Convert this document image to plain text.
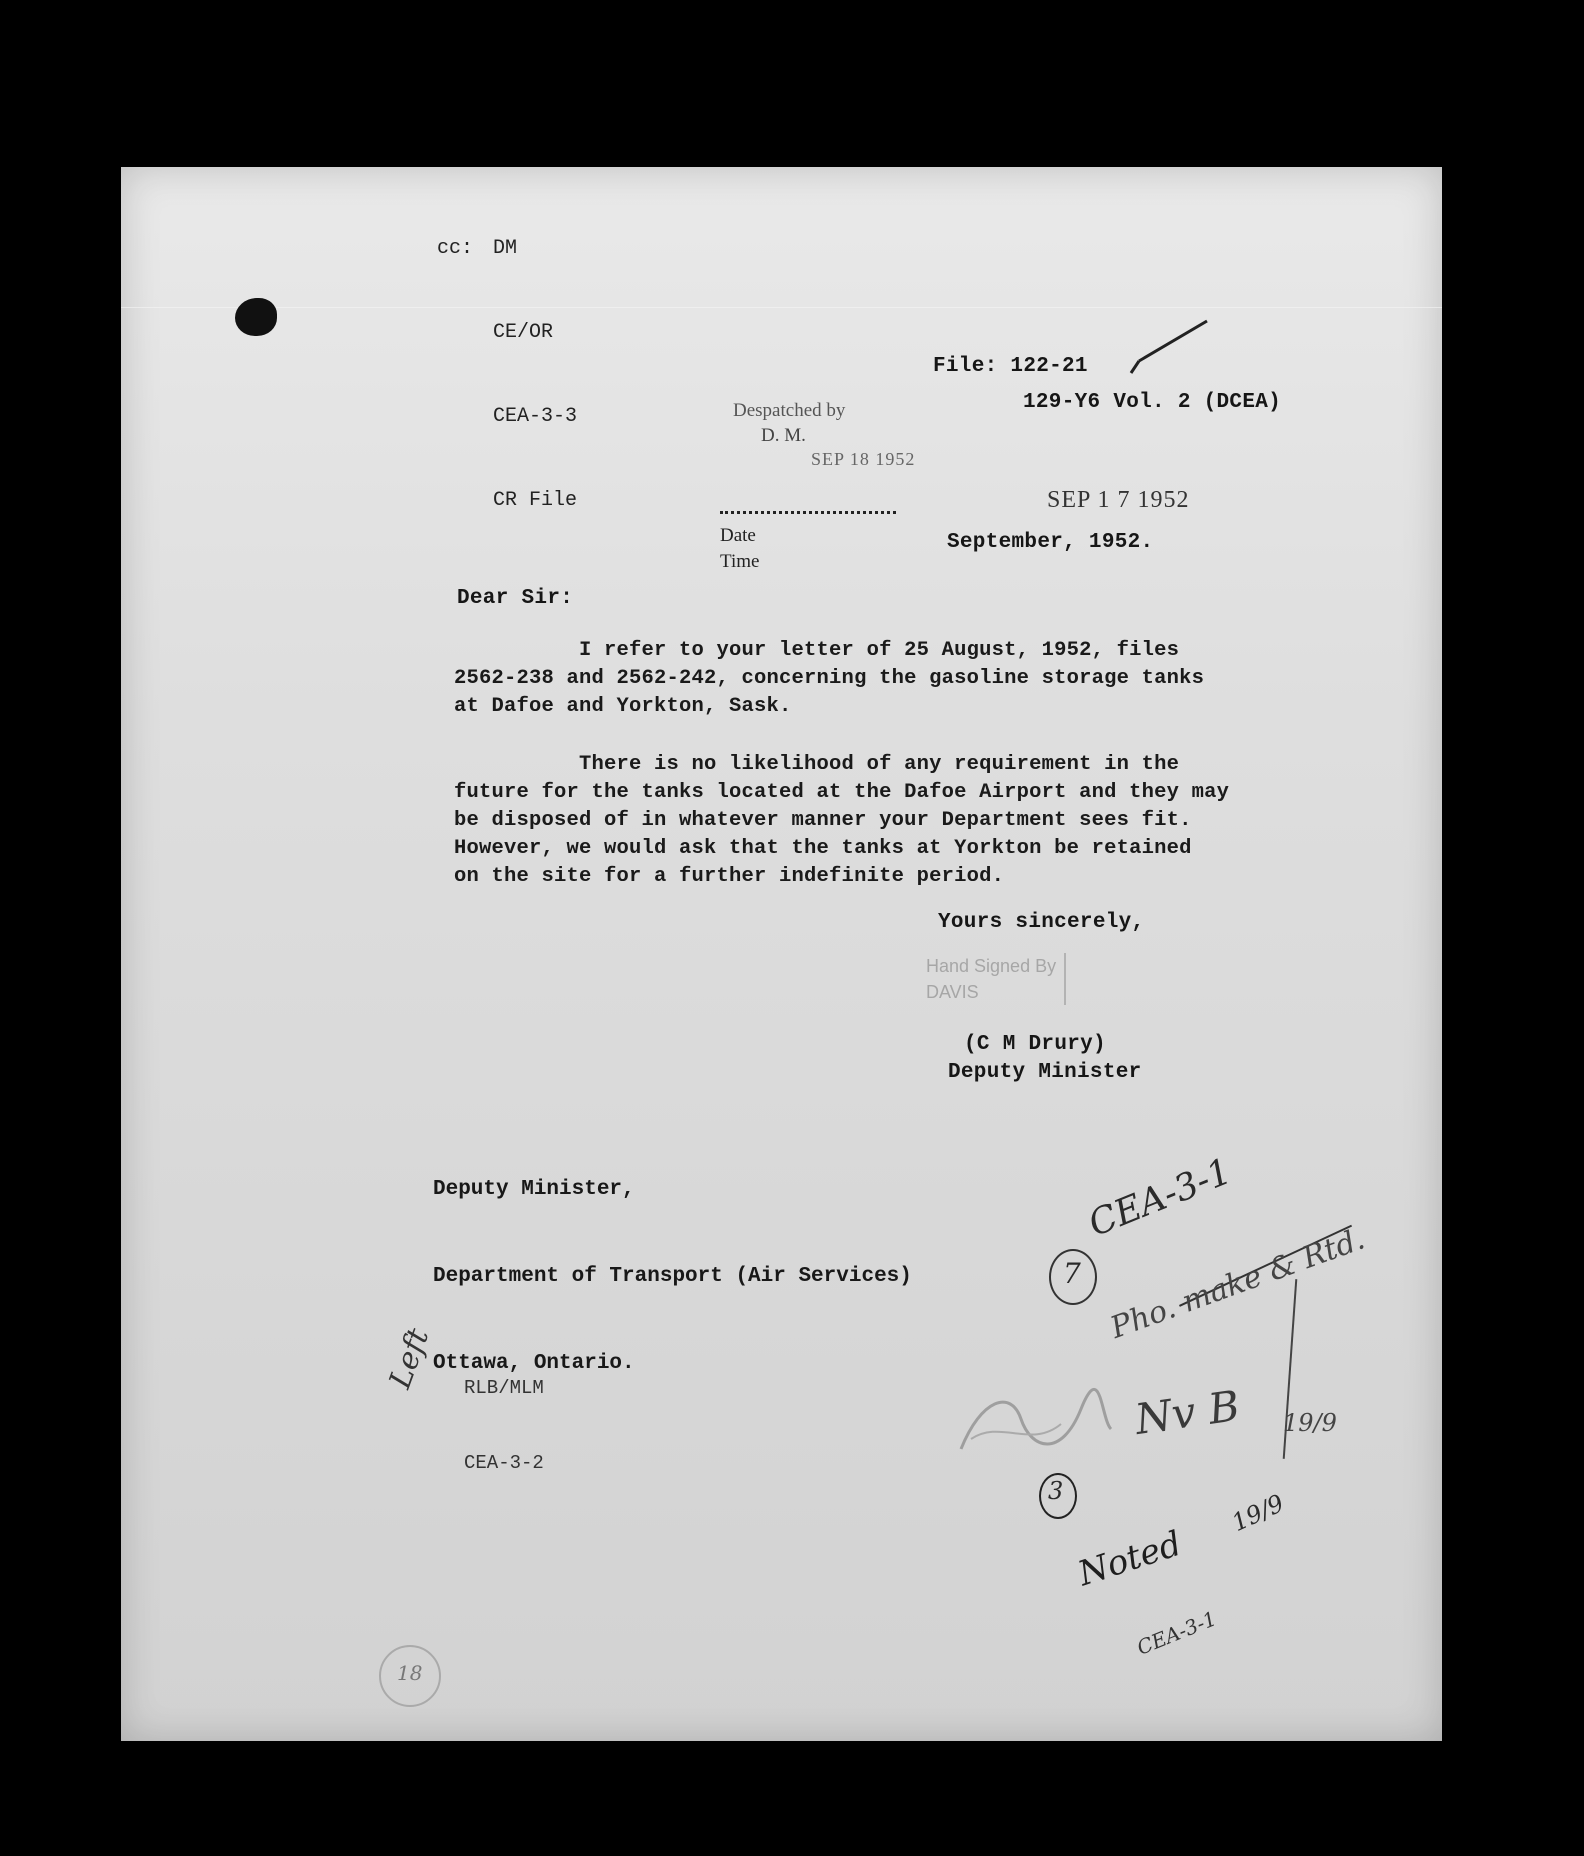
cc: DM

CE/OR

CEA-3-3

CR File

File: 122-21
129-Y6 Vol. 2 (DCEA)
Despatched by
D. M.
SEP 18 1952
SEP 1 7 1952
Date
Time
September, 1952.
Dear Sir:
I refer to your letter of 25 August, 1952, files
2562-238 and 2562-242, concerning the gasoline storage tanks
at Dafoe and Yorkton, Sask.
There is no likelihood of any requirement in the
future for the tanks located at the Dafoe Airport and they may
be disposed of in whatever manner your Department sees fit.
However, we would ask that the tanks at Yorkton be retained
on the site for a further indefinite period.
Yours sincerely,
Hand Signed By
DAVIS
(C M Drury)
Deputy Minister

Deputy Minister,

Department of Transport (Air Services)

Ottawa, Ontario.

RLB/MLM

CEA-3-2

7
CEA-3-1
Pho. make & Rtd.
Nv B 19/9
3
Noted
19/9
CEA-3-1
Left
18
